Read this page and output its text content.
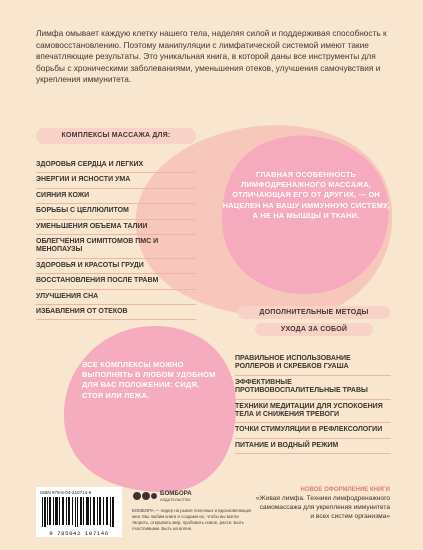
Лимфа омывает каждую клетку нашего тела, наделяя силой и поддерживая способность к самовосстановлению. Поэтому манипуляции с лимфатической системой имеют такие впечатляющие результаты. Это уникальная книга, в которой даны все инструменты для борьбы с хроническими заболеваниями, уменьшения отеков, улучшения самочувствия и укрепления иммунитета.
КОМПЛЕКСЫ МАССАЖА ДЛЯ:
ЗДОРОВЬЯ СЕРДЦА И ЛЕГКИХ
ЭНЕРГИИ И ЯСНОСТИ УМА
СИЯНИЯ КОЖИ
БОРЬБЫ С ЦЕЛЛЮЛИТОМ
УМЕНЬШЕНИЯ ОБЪЕМА ТАЛИИ
ОБЛЕГЧЕНИЯ СИМПТОМОВ ПМС И МЕНОПАУЗЫ
ЗДОРОВЬЯ И КРАСОТЫ ГРУДИ
ВОССТАНОВЛЕНИЯ ПОСЛЕ ТРАВМ
УЛУЧШЕНИЯ СНА
ИЗБАВЛЕНИЯ ОТ ОТЕКОВ
ГЛАВНАЯ ОСОБЕННОСТЬ ЛИМФОДРЕНАЖНОГО МАССАЖА, ОТЛИЧАЮЩАЯ ЕГО ОТ ДРУГИХ, — ОН НАЦЕЛЕН НА ВАШУ ИММУННУЮ СИСТЕМУ, А НЕ НА МЫШЦЫ И ТКАНИ.
ВСЕ КОМПЛЕКСЫ МОЖНО ВЫПОЛНЯТЬ В ЛЮБОМ УДОБНОМ ДЛЯ ВАС ПОЛОЖЕНИИ: СИДЯ, СТОЯ ИЛИ ЛЕЖА.
ДОПОЛНИТЕЛЬНЫЕ МЕТОДЫ
УХОДА ЗА СОБОЙ
ПРАВИЛЬНОЕ ИСПОЛЬЗОВАНИЕ РОЛЛЕРОВ И СКРЕБКОВ ГУАША
ЭФФЕКТИВНЫЕ ПРОТИВОВОСПАЛИТЕЛЬНЫЕ ТРАВЫ
ТЕХНИКИ МЕДИТАЦИИ ДЛЯ УСПОКОЕНИЯ ТЕЛА И СНИЖЕНИЯ ТРЕВОГИ
ТОЧКИ СТИМУЛЯЦИИ В РЕФЛЕКСОЛОГИИ
ПИТАНИЕ И ВОДНЫЙ РЕЖИМ
ISBN 978-5-04-210714-6
9 785042 107146
БОМБОРА
ИЗДАТЕЛЬСТВО
БОМБОРА — лидер на рынке полезных и вдохновляющих книг. Мы любим книги и создаем их, чтобы вы могли творить, открывать мир, пробовать новое, расти. Быть счастливыми. Быть на волне.
НОВОЕ ОФОРМЛЕНИЕ КНИГИ
«Живая лимфа. Техники лимфодренажного самомассажа для укрепления иммунитета и всех систем организма»
